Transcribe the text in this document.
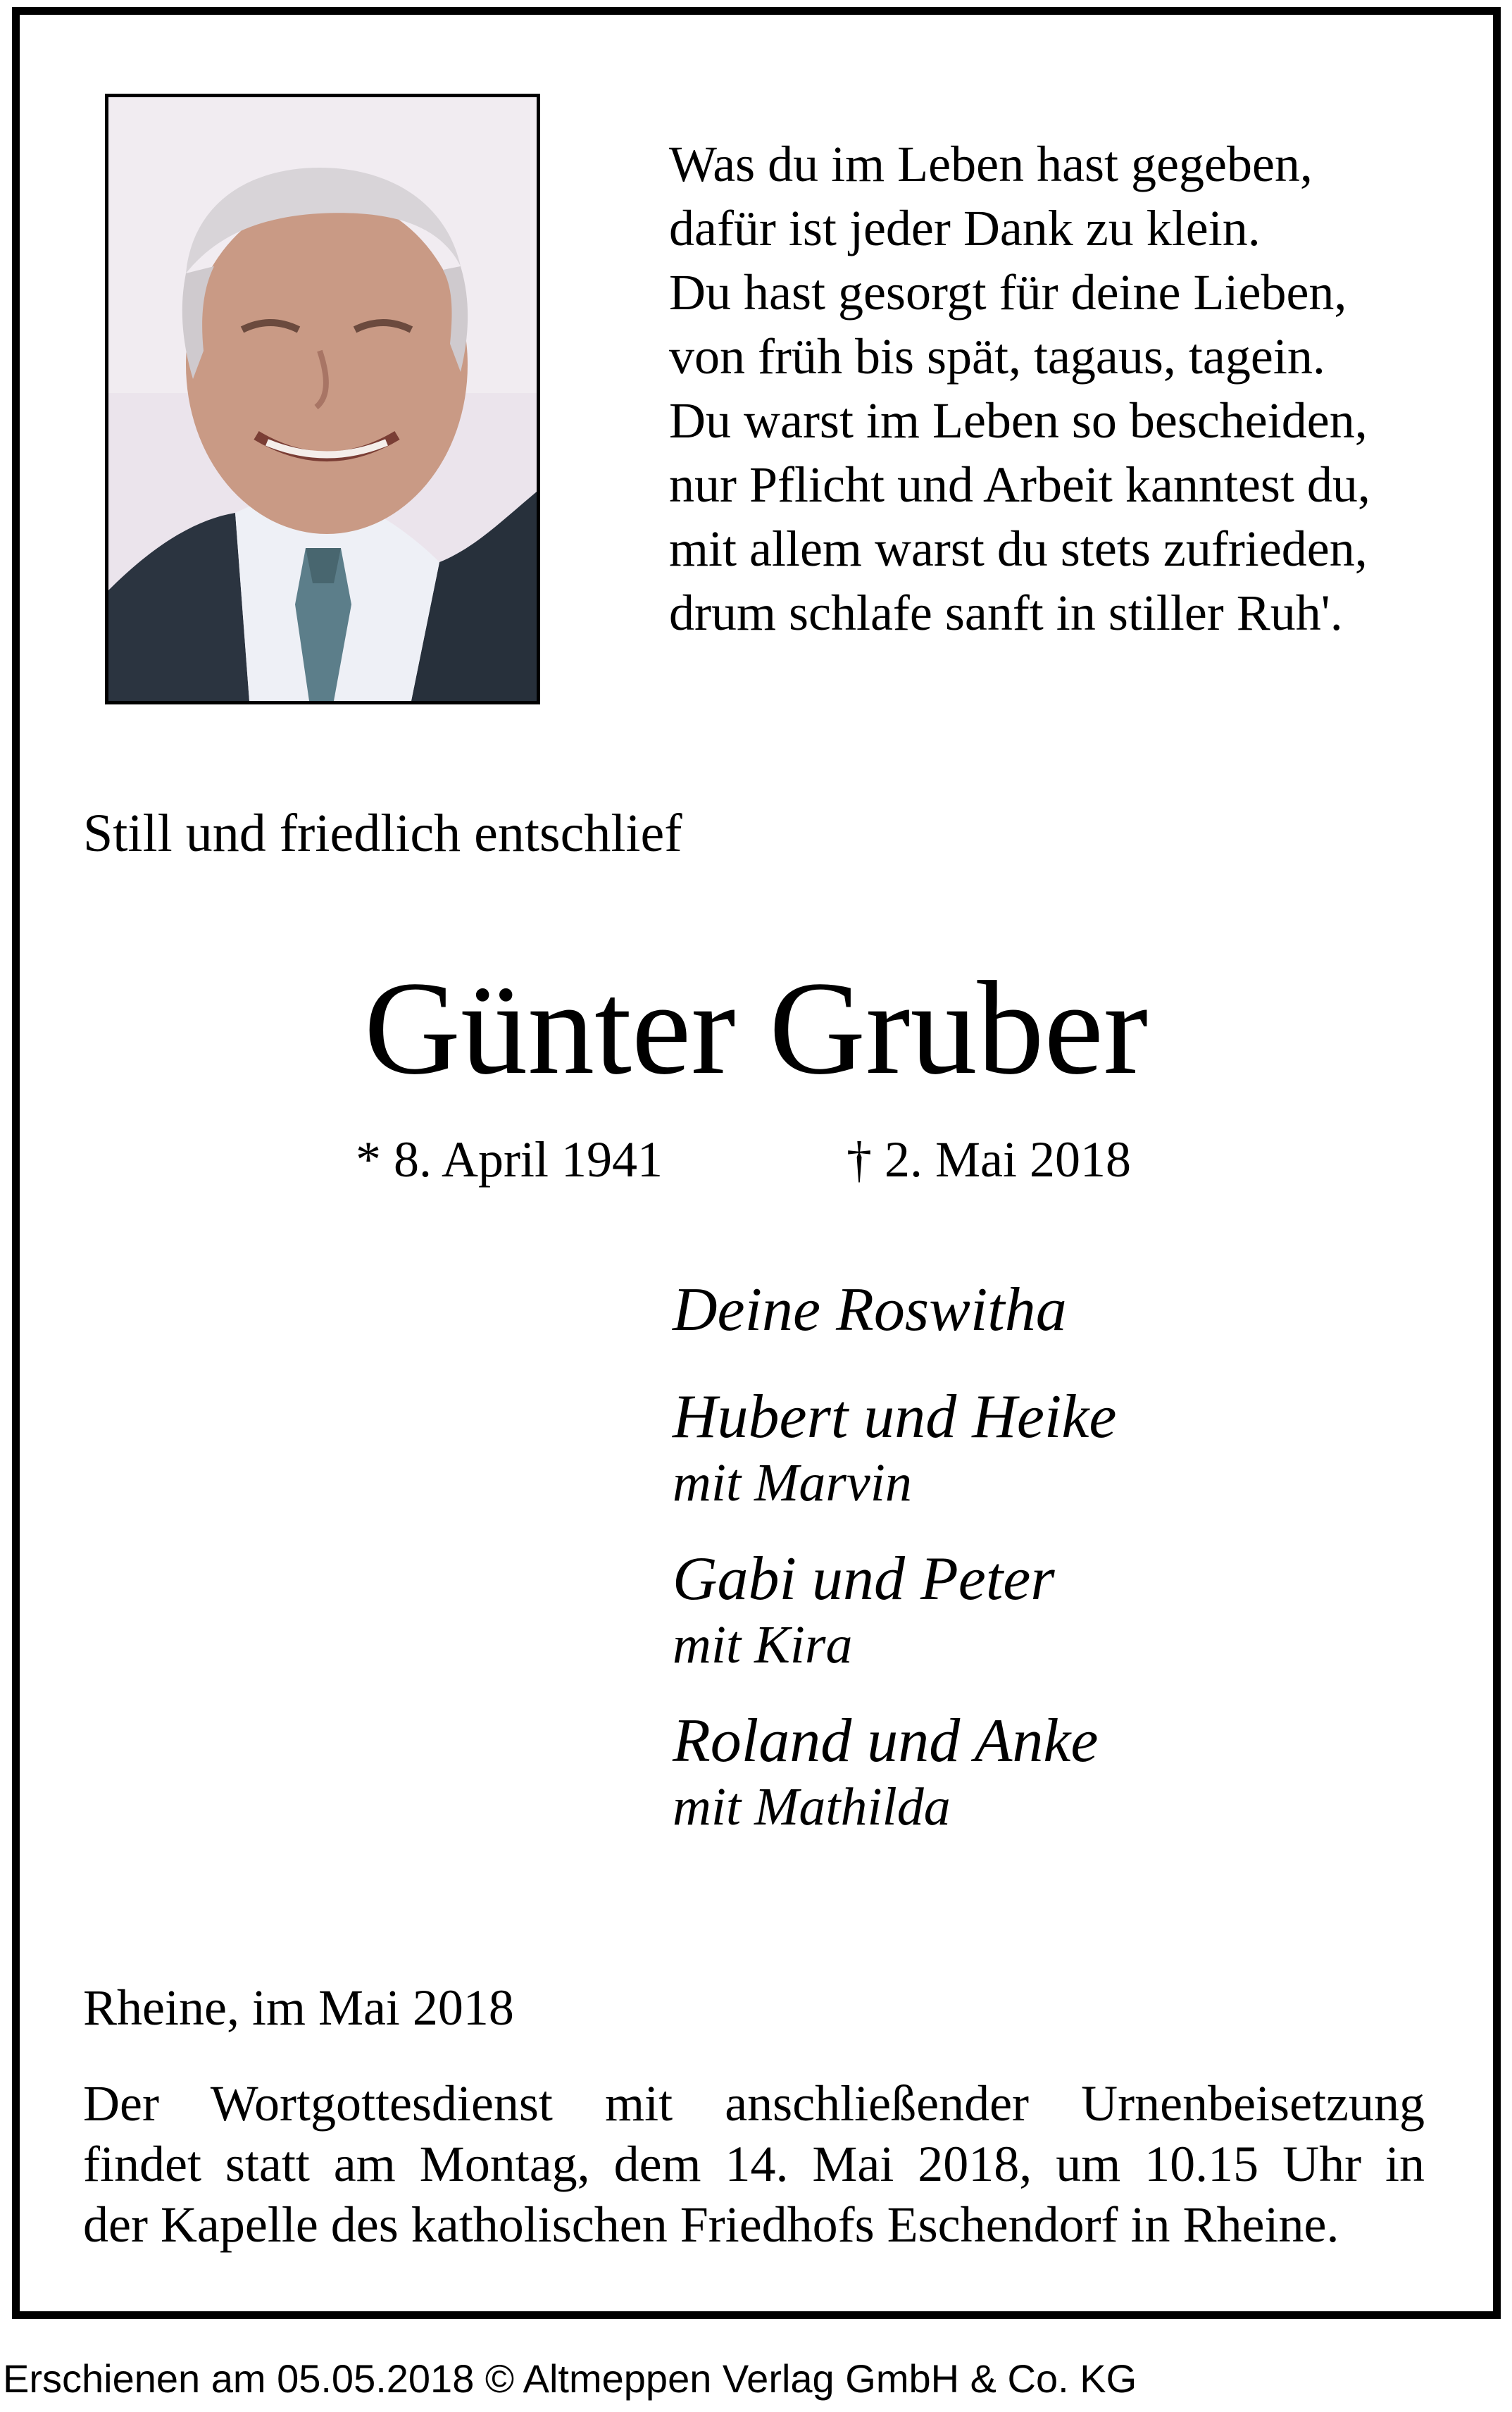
Was du im Leben hast gegeben,
dafür ist jeder Dank zu klein.
Du hast gesorgt für deine Lieben,
von früh bis spät, tagaus, tagein.
Du warst im Leben so bescheiden,
nur Pflicht und Arbeit kanntest du,
mit allem warst du stets zufrieden,
drum schlafe sanft in stiller Ruh'.
Still und friedlich entschlief
Günter Gruber
* 8. April 1941	† 2. Mai 2018
Deine Roswitha
Hubert und Heike
mit Marvin
Gabi und Peter
mit Kira
Roland und Anke
mit Mathilda
Rheine, im Mai 2018
Der Wortgottesdienst mit anschließender Urnenbeisetzung
findet statt am Montag, dem 14. Mai 2018, um 10.15 Uhr in
der Kapelle des katholischen Friedhofs Eschendorf in Rheine.
Erschienen am 05.05.2018 © Altmeppen Verlag GmbH & Co. KG
